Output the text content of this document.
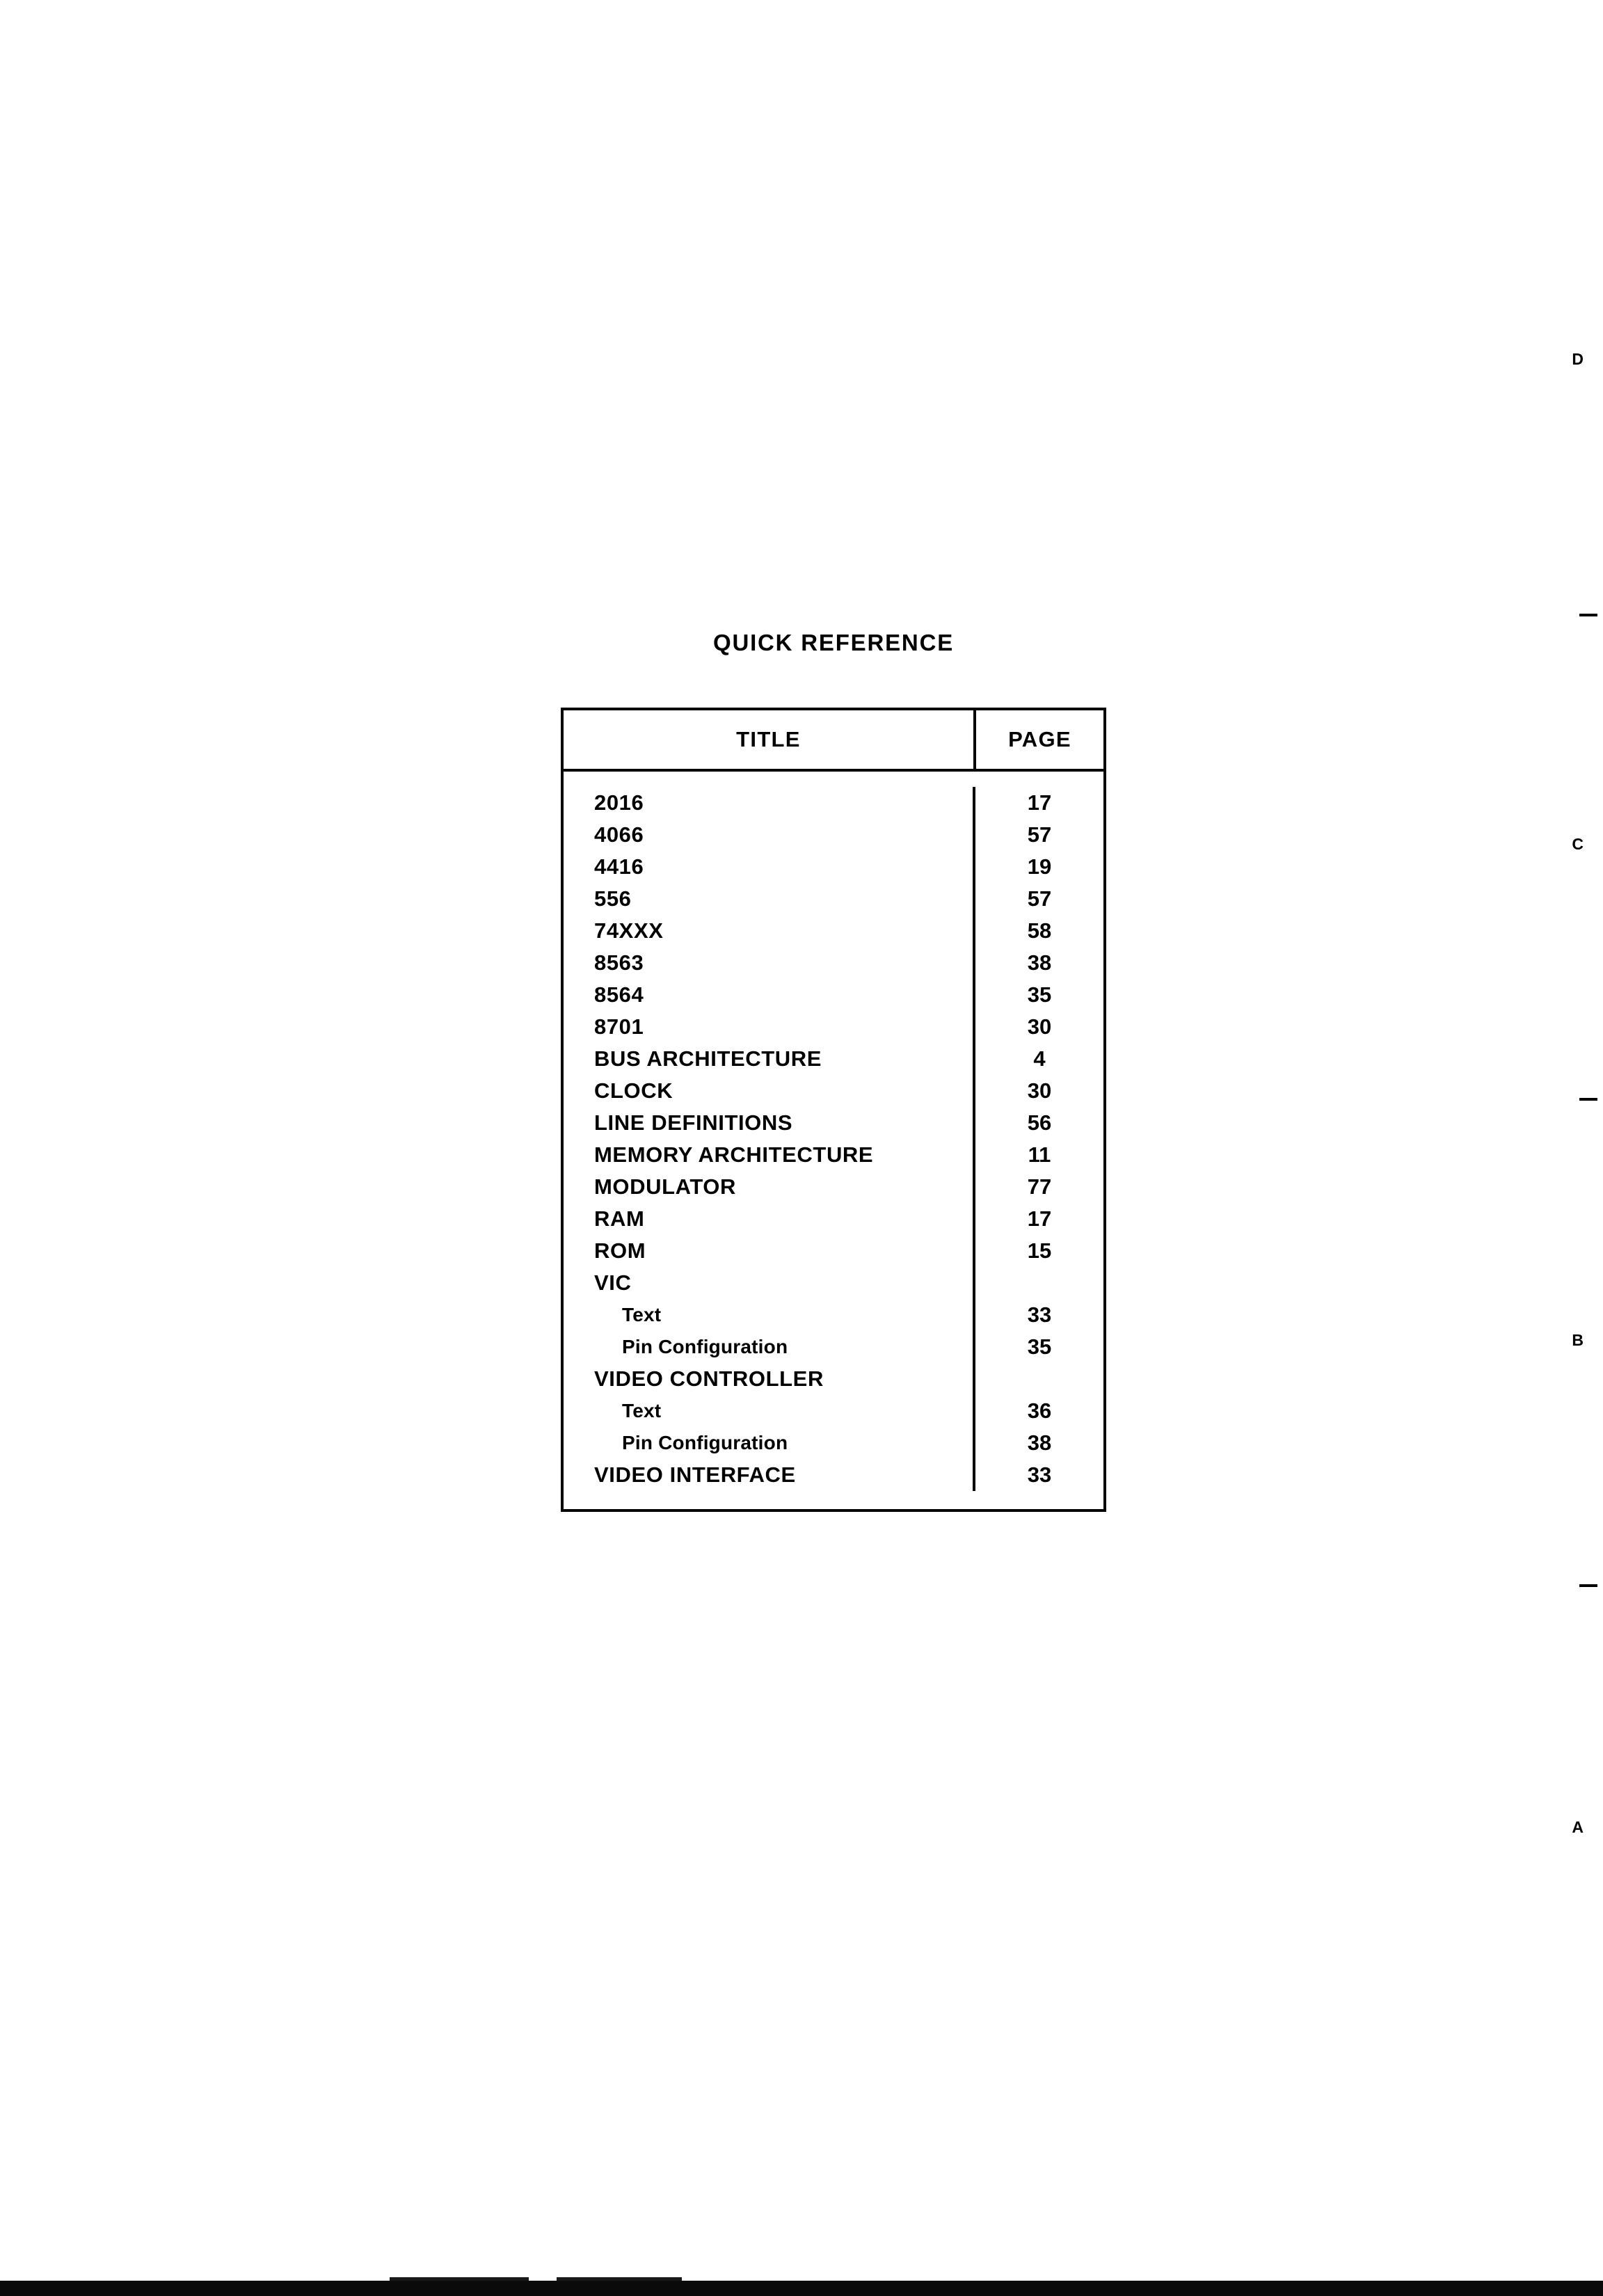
D
C
B
A
QUICK REFERENCE
TITLE	PAGE
2016	17
4066	57
4416	19
556	57
74XXX	58
8563	38
8564	35
8701	30
BUS ARCHITECTURE	4
CLOCK	30
LINE DEFINITIONS	56
MEMORY ARCHITECTURE	11
MODULATOR	77
RAM	17
ROM	15
VIC
Text	33
Pin Configuration	35
VIDEO CONTROLLER
Text	36
Pin Configuration	38
VIDEO INTERFACE	33
